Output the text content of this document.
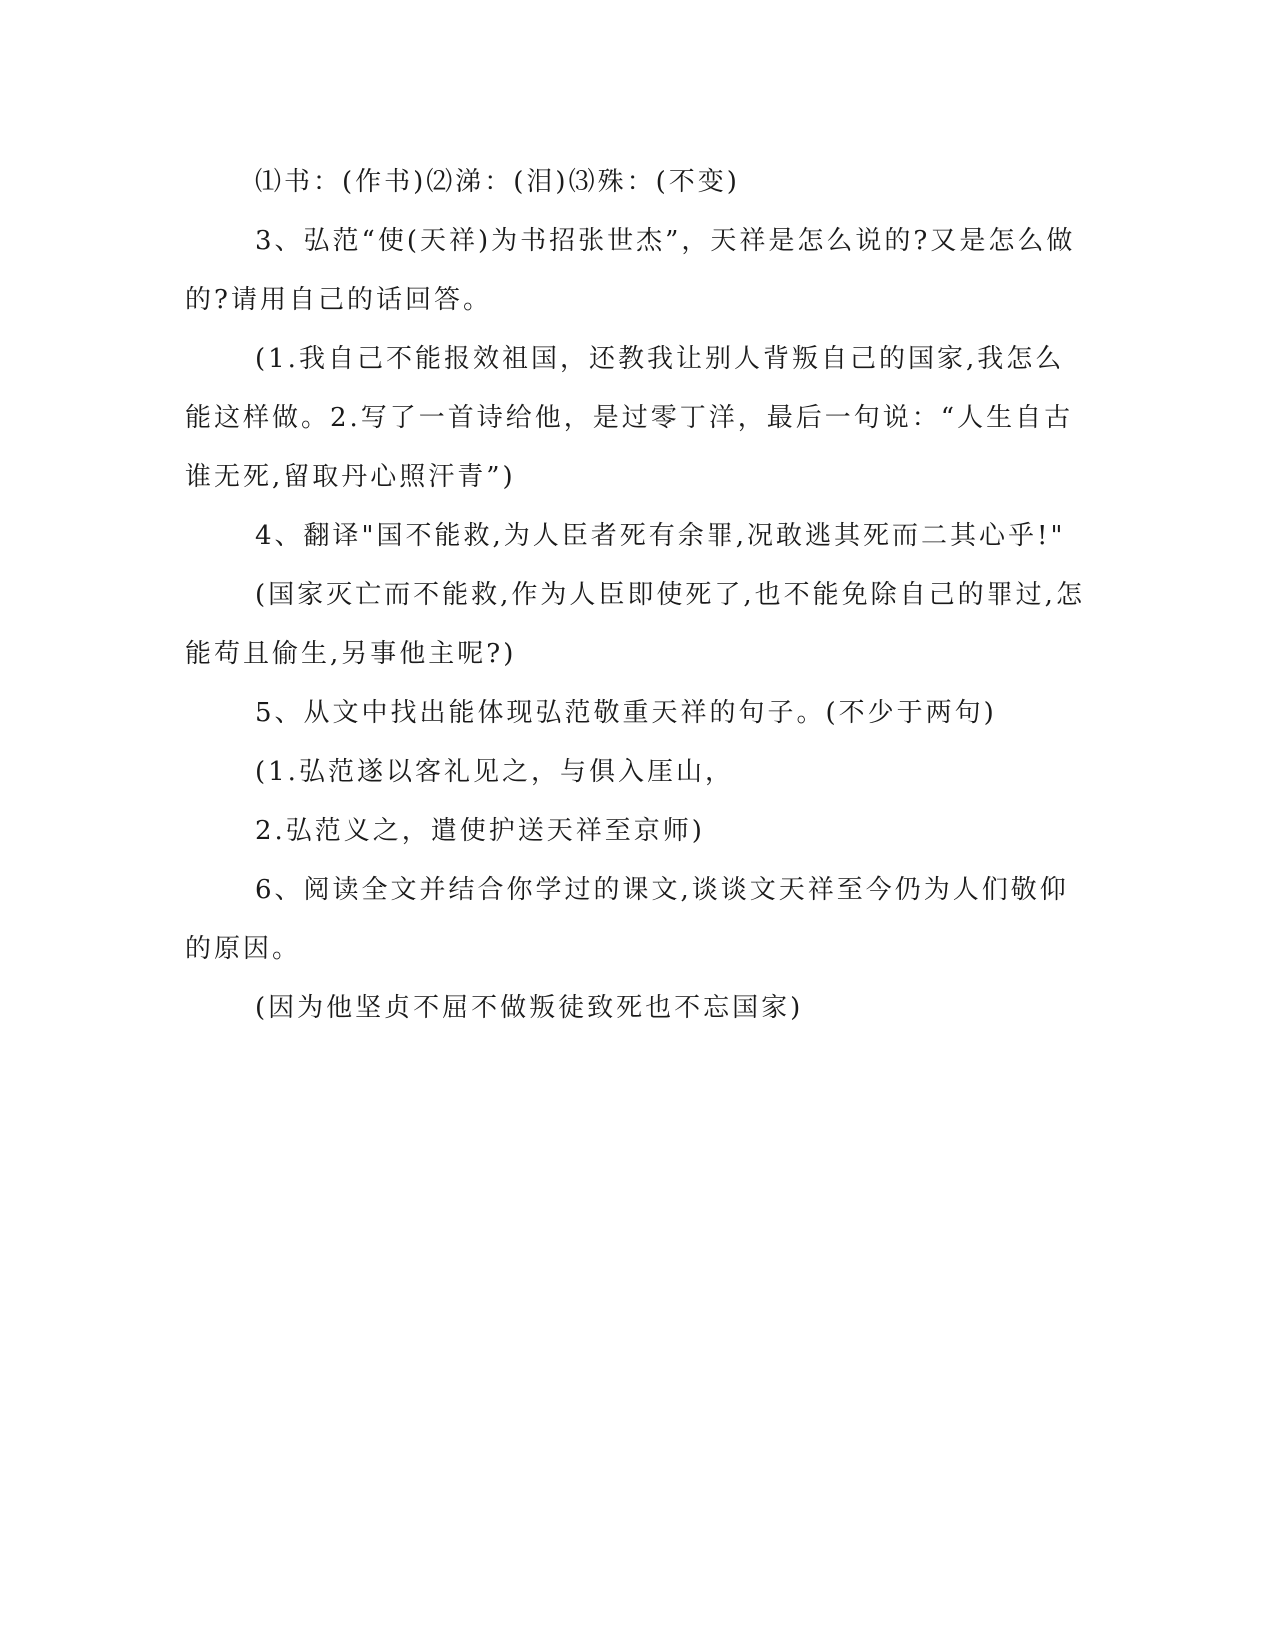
⑴书：(作书)⑵涕：(泪)⑶殊：(不变)
3、弘范“使(天祥)为书招张世杰”，天祥是怎么说的?又是怎么做
的?请用自己的话回答。
(1.我自己不能报效祖国，还教我让别人背叛自己的国家,我怎么
能这样做。2.写了一首诗给他，是过零丁洋，最后一句说：“人生自古
谁无死,留取丹心照汗青”)
4、翻译"国不能救,为人臣者死有余罪,况敢逃其死而二其心乎!"
(国家灭亡而不能救,作为人臣即使死了,也不能免除自己的罪过,怎
能苟且偷生,另事他主呢?)
5、从文中找出能体现弘范敬重天祥的句子。(不少于两句)
(1.弘范遂以客礼见之，与俱入厓山，
2.弘范义之，遣使护送天祥至京师)
6、阅读全文并结合你学过的课文,谈谈文天祥至今仍为人们敬仰
的原因。
(因为他坚贞不屈不做叛徒致死也不忘国家)
